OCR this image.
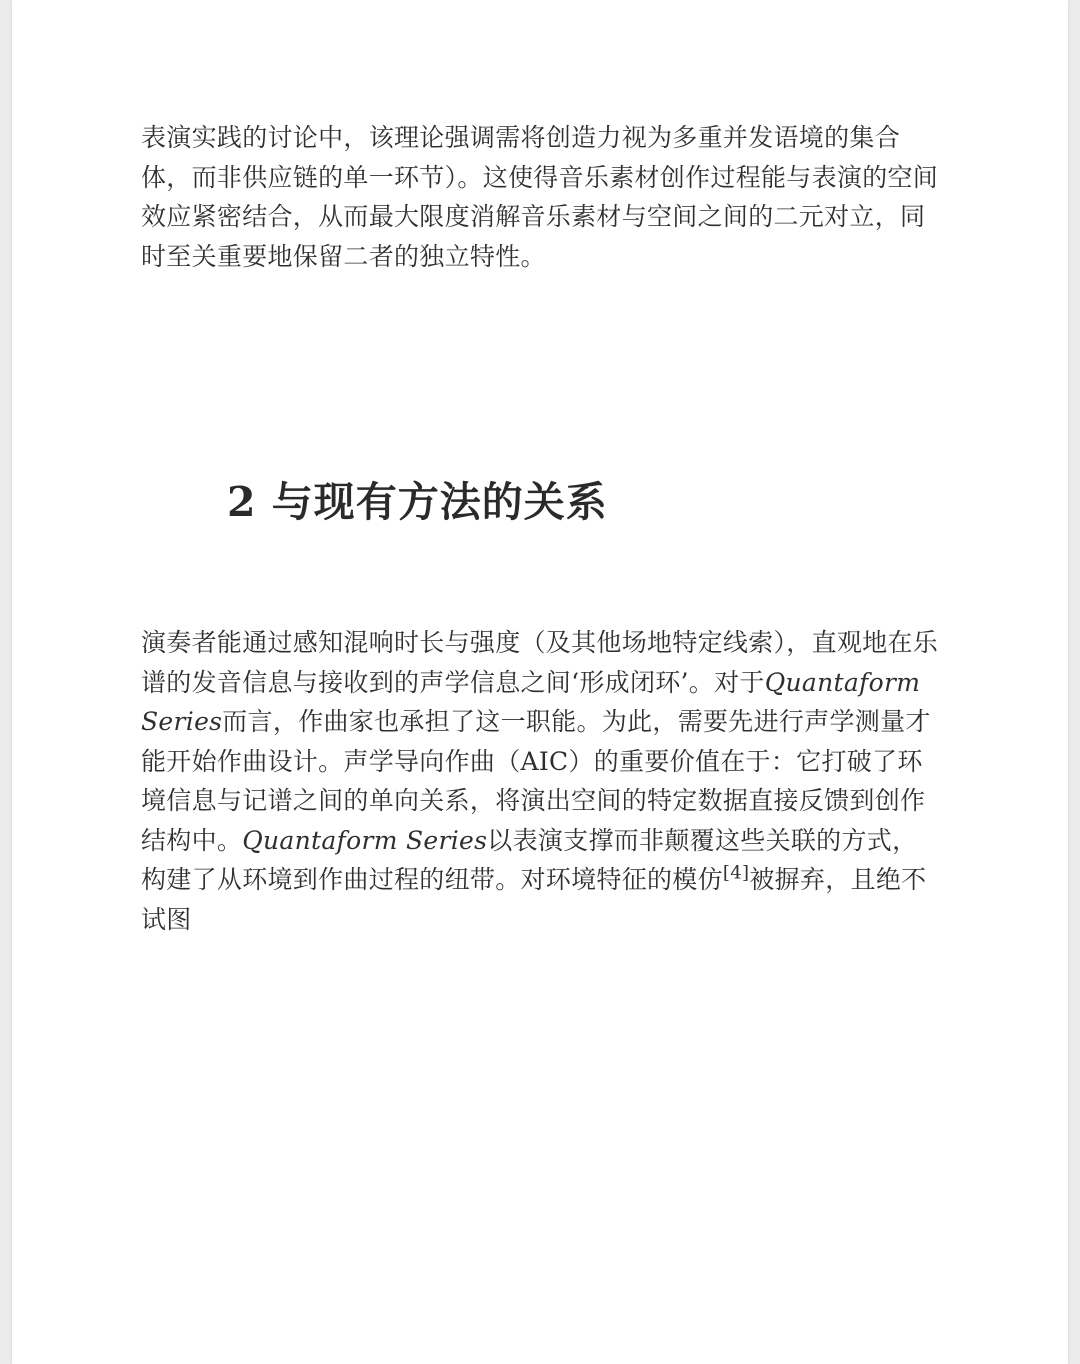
表演实践的讨论中，该理论强调需将创造力视为多重并发语境的集合体，而非供应链的单一环节）。这使得音乐素材创作过程能与表演的空间效应紧密结合，从而最大限度消解音乐素材与空间之间的二元对立，同时至关重要地保留二者的独立特性。

2 与现有方法的关系

演奏者能通过感知混响时长与强度（及其他场地特定线索），直观地在乐谱的发音信息与接收到的声学信息之间‘形成闭环’。对于Quantaform Series而言，作曲家也承担了这一职能。为此，需要先进行声学测量才能开始作曲设计。声学导向作曲（AIC）的重要价值在于：它打破了环境信息与记谱之间的单向关系，将演出空间的特定数据直接反馈到创作结构中。Quantaform Series以表演支撑而非颠覆这些关联的方式，构建了从环境到作曲过程的纽带。对环境特征的模仿[4]被摒弃，且绝不试图
